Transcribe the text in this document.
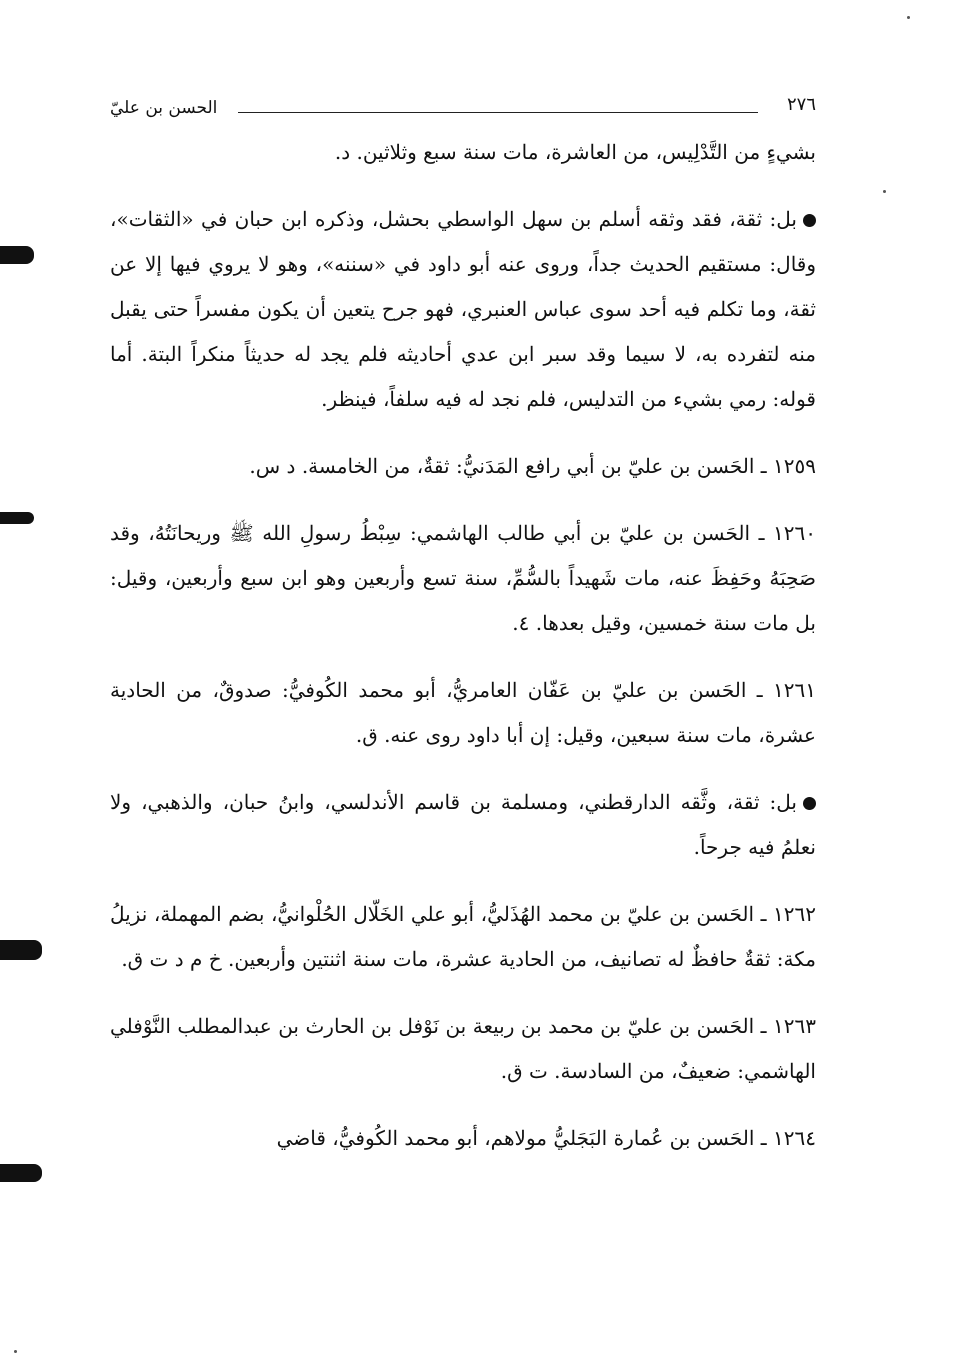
٢٧٦
الحسن بن عليّ

بشيءٍ من التَّدْلِيس، من العاشرة، مات سنة سبع وثلاثين. د.

بل: ثقة، فقد وثقه أسلم بن سهل الواسطي بحشل، وذكره ابن حبان في «الثقات»، وقال: مستقيم الحديث جداً، وروى عنه أبو داود في «سننه»، وهو لا يروي فيها إلا عن ثقة، وما تكلم فيه أحد سوى عباس العنبري، فهو جرح يتعين أن يكون مفسراً حتى يقبل منه لتفرده به، لا سيما وقد سبر ابن عدي أحاديثه فلم يجد له حديثاً منكراً البتة. أما قوله: رمي بشيء من التدليس، فلم نجد له فيه سلفاً، فينظر.

١٢٥٩ ـ الحَسن بن عليّ بن أبي رافع المَدَنيُّ: ثقةٌ، من الخامسة. د س.

١٢٦٠ ـ الحَسن بن عليّ بن أبي طالب الهاشمي: سِبْطُ رسولِ الله ﷺ وريحانَتُهُ، وقد صَحِبَهُ وحَفِظَ عنه، مات شَهيداً بالسُّمِّ، سنة تسع وأربعين وهو ابن سبع وأربعين، وقيل: بل مات سنة خمسين، وقيل بعدها. ٤.

١٢٦١ ـ الحَسن بن عليّ بن عَفّان العامريُّ، أبو محمد الكُوفيُّ: صدوقٌ، من الحادية عشرة، مات سنة سبعين، وقيل: إن أبا داود روى عنه. ق.

بل: ثقة، وثَّقه الدارقطني، ومسلمة بن قاسم الأندلسي، وابنُ حبان، والذهبي، ولا نعلمُ فيه جرحاً.

١٢٦٢ ـ الحَسن بن عليّ بن محمد الهُذَليُّ، أبو علي الخَلّال الحُلْوانيُّ، بضم المهملة، نزيلُ مكة: ثقةٌ حافظٌ له تصانيف، من الحادية عشرة، مات سنة اثنتين وأربعين. خ م د ت ق.

١٢٦٣ ـ الحَسن بن عليّ بن محمد بن ربيعة بن نَوْفل بن الحارث بن عبدالمطلب النَّوْفلي الهاشمي: ضعيفٌ، من السادسة. ت ق.

١٢٦٤ ـ الحَسن بن عُمارة البَجَليُّ مولاهم، أبو محمد الكُوفيُّ، قاضي
